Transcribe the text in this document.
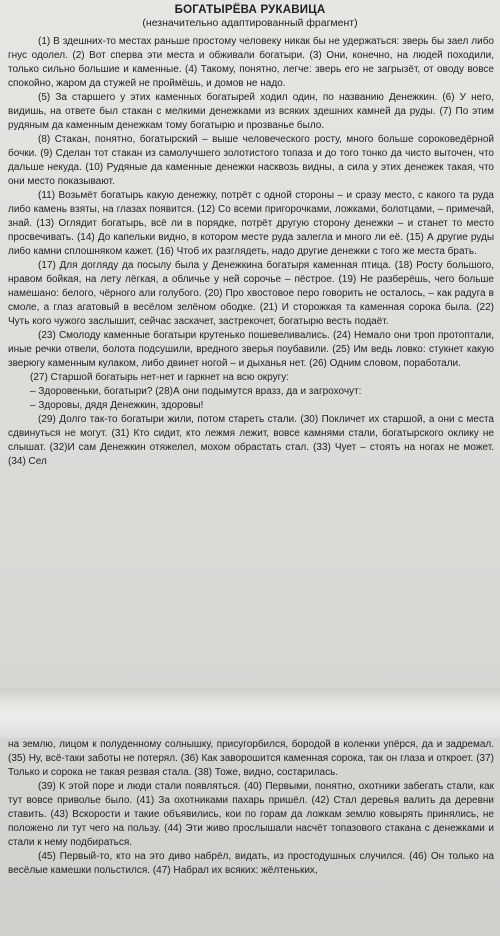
БОГАТЫРЁВА РУКАВИЦА
(незначительно адаптированный фрагмент)

(1) В здешних-то местах раньше простому человеку никак бы не удержаться: зверь бы заел либо гнус одолел. (2) Вот сперва эти места и обживали богатыри. (3) Они, конечно, на людей походили, только сильно большие и каменные. (4) Такому, понятно, легче: зверь его не загрызёт, от оводу вовсе спокойно, жаром да стужей не проймёшь, и домов не надо.

(5) За старшего у этих каменных богатырей ходил один, по названию Денежкин. (6) У него, видишь, на ответе был стакан с мелкими денежками из всяких здешних камней да руды. (7) По этим рудяным да каменным денежкам тому богатырю и прозванье было.

(8) Стакан, понятно, богатырский – выше человеческого росту, много больше сороковедёрной бочки. (9) Сделан тот стакан из самолучшего золотистого топаза и до того тонко да чисто выточен, что дальше некуда. (10) Рудяные да каменные денежки насквозь видны, а сила у этих денежек такая, что они место показывают.

(11) Возьмёт богатырь какую денежку, потрёт с одной стороны – и сразу место, с какого та руда либо камень взяты, на глазах появится. (12) Со всеми пригорочками, ложками, болотцами, – примечай, знай. (13) Оглядит богатырь, всё ли в порядке, потрёт другую сторону денежки – и станет то место просвечивать. (14) До капельки видно, в котором месте руда залегла и много ли её. (15) А другие руды либо камни сплошняком кажет. (16) Чтоб их разглядеть, надо другие денежки с того же места брать.

(17) Для догляду да посылу была у Денежкина богатыря каменная птица. (18) Росту большого, нравом бойкая, на лету лёгкая, а обличье у ней сорочье – пёстрое. (19) Не разберёшь, чего больше намешано: белого, чёрного али голубого. (20) Про хвостовое перо говорить не осталось, – как радуга в смоле, а глаз агатовый в весёлом зелёном ободке. (21) И сторожкая та каменная сорока была. (22) Чуть кого чужого заслышит, сейчас заскачет, застрекочет, богатырю весть подаёт.

(23) Смолоду каменные богатыри крутенько пошевеливались. (24) Немало они троп протоптали, иные речки отвели, болота подсушили, вредного зверья поубавили. (25) Им ведь ловко: стукнет какую зверюгу каменным кулаком, либо двинет ногой – и дыханья нет. (26) Одним словом, поработали.

(27) Старшой богатырь нет-нет и гаркнет на всю округу:

– Здоровеньки, богатыри? (28)А они подымутся вразз, да и загрохочут:

– Здоровы, дядя Денежкин, здоровы!

(29) Долго так-то богатыри жили, потом стареть стали. (30) Покличет их старшой, а они с места сдвинуться не могут. (31) Кто сидит, кто лежмя лежит, вовсе камнями стали, богатырского оклику не слышат. (32)И сам Денежкин отяжелел, мохом обрастать стал. (33) Чует – стоять на ногах не может. (34) Сел

на землю, лицом к полуденному солнышку, присугорбился, бородой в коленки упёрся, да и задремал. (35) Ну, всё-таки заботы не потерял. (36) Как заворошится каменная сорока, так он глаза и откроет. (37) Только и сорока не такая резвая стала. (38) Тоже, видно, состарилась.

(39) К этой поре и люди стали появляться. (40) Первыми, понятно, охотники забегать стали, как тут вовсе приволье было. (41) За охотниками пахарь пришёл. (42) Стал деревья валить да деревни ставить. (43) Вскорости и такие объявились, кои по горам да ложкам землю ковырять принялись, не положено ли тут чего на пользу. (44) Эти живо прослышали насчёт топазового стакана с денежками и стали к нему подбираться.

(45) Первый-то, кто на это диво набрёл, видать, из простодушных случился. (46) Он только на весёлые камешки польстился. (47) Набрал их всяких: жёлтеньких,
